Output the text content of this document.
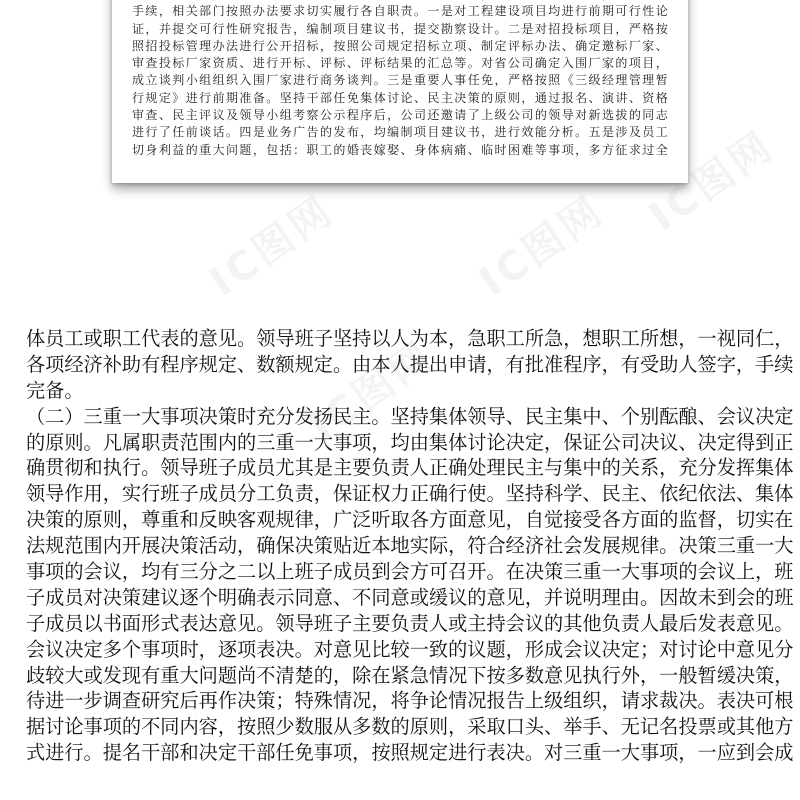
手续，相关部门按照办法要求切实履行各自职责。一是对工程建设项目均进行前期可行性论
证，并提交可行性研究报告，编制项目建议书，提交勘察设计。二是对招投标项目，严格按
照招投标管理办法进行公开招标，按照公司规定招标立项、制定评标办法、确定邀标厂家、
审查投标厂家资质、进行开标、评标、评标结果的汇总等。对省公司确定入围厂家的项目，
成立谈判小组组织入围厂家进行商务谈判。三是重要人事任免，严格按照《三级经理管理暂
行规定》进行前期准备。坚持干部任免集体讨论、民主决策的原则，通过报名、演讲、资格
审查、民主评议及领导小组考察公示程序后，公司还邀请了上级公司的领导对新选拔的同志
进行了任前谈话。四是业务广告的发布，均编制项目建议书，进行效能分析。五是涉及员工
切身利益的重大问题，包括：职工的婚丧嫁娶、身体病痛、临时困难等事项，多方征求过全
IC图网	IC图网
IC图网
IC图网
体员工或职工代表的意见。领导班子坚持以人为本，急职工所急，想职工所想，一视同仁，
各项经济补助有程序规定、数额规定。由本人提出申请，有批准程序，有受助人签字，手续
完备。
（二）三重一大事项决策时充分发扬民主。坚持集体领导、民主集中、个别酝酿、会议决定
的原则。凡属职责范围内的三重一大事项，均由集体讨论决定，保证公司决议、决定得到正
确贯彻和执行。领导班子成员尤其是主要负责人正确处理民主与集中的关系，充分发挥集体
领导作用，实行班子成员分工负责，保证权力正确行使。坚持科学、民主、依纪依法、集体
决策的原则，尊重和反映客观规律，广泛听取各方面意见，自觉接受各方面的监督，切实在
法规范围内开展决策活动，确保决策贴近本地实际，符合经济社会发展规律。决策三重一大
事项的会议，均有三分之二以上班子成员到会方可召开。在决策三重一大事项的会议上，班
子成员对决策建议逐个明确表示同意、不同意或缓议的意见，并说明理由。因故未到会的班
子成员以书面形式表达意见。领导班子主要负责人或主持会议的其他负责人最后发表意见。
会议决定多个事项时，逐项表决。对意见比较一致的议题，形成会议决定；对讨论中意见分
歧较大或发现有重大问题尚不清楚的，除在紧急情况下按多数意见执行外，一般暂缓决策，
待进一步调查研究后再作决策；特殊情况，将争论情况报告上级组织，请求裁决。表决可根
据讨论事项的不同内容，按照少数服从多数的原则，采取口头、举手、无记名投票或其他方
式进行。提名干部和决定干部任免事项，按照规定进行表决。对三重一大事项，一应到会成
